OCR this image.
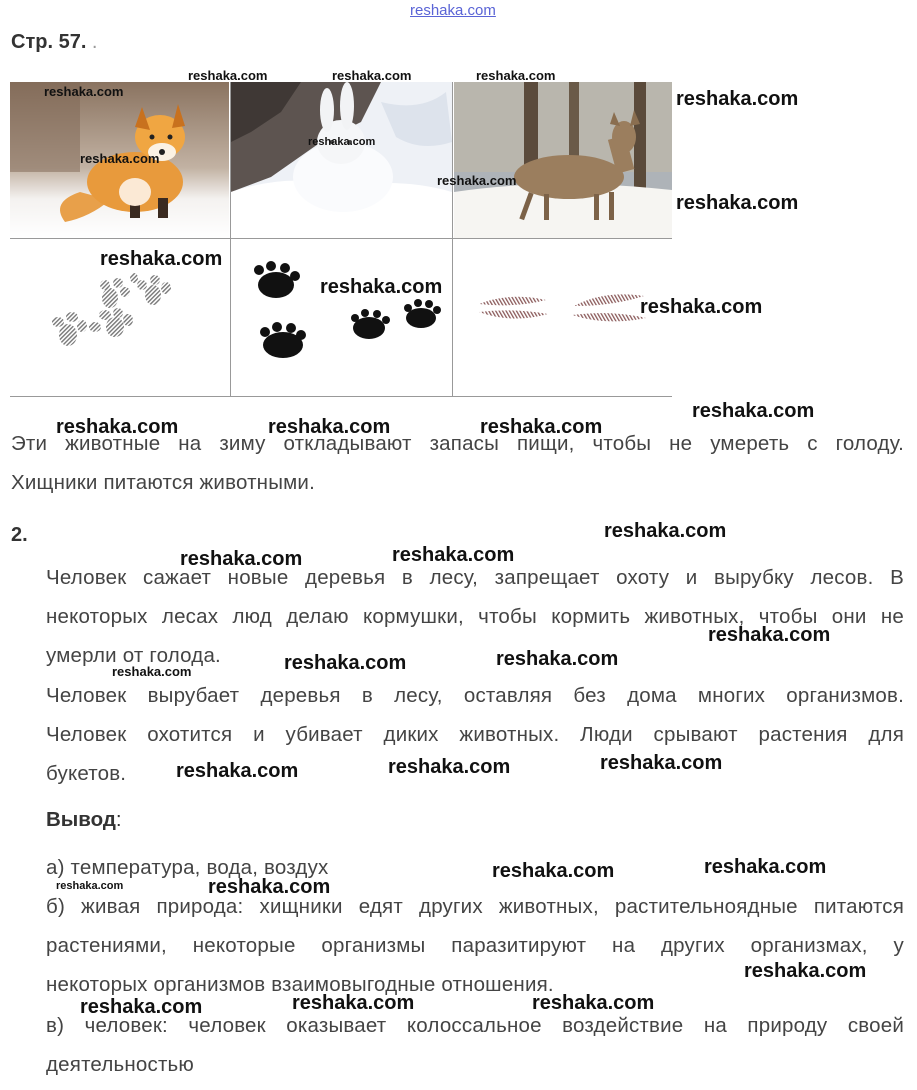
reshaka.com
Стр. 57. .
Эти животные на зиму откладывают запасы пищи, чтобы не умереть с голоду.
Хищники питаются животными.
2.
Человек сажает новые деревья в лесу, запрещает охоту и вырубку лесов. В
некоторых лесах люд делаю кормушки, чтобы кормить животных, чтобы они не
умерли от голода.
Человек вырубает деревья в лесу, оставляя без дома многих организмов.
Человек охотится и убивает диких животных. Люди срывают растения для
букетов.
Вывод:
а) температура, вода, воздух
б) живая природа: хищники едят других животных, растительноядные питаются
растениями, некоторые организмы паразитируют на других организмах, у
некоторых организмов взаимовыгодные отношения.
в) человек: человек оказывает колоссальное воздействие на природу своей
деятельностью
reshaka.com	reshaka.com	reshaka.com
reshaka.com
reshaka.com
reshaka.com
reshaka.com
reshaka.com
reshaka.com
reshaka.com
reshaka.com
reshaka.com
reshaka.com
reshaka.com	reshaka.com	reshaka.com
reshaka.com
reshaka.com	reshaka.com
reshaka.com
reshaka.com	reshaka.com
reshaka.com
reshaka.com	reshaka.com	reshaka.com
reshaka.com
reshaka.com
reshaka.com	reshaka.com
reshaka.com
reshaka.com	reshaka.com	reshaka.com
